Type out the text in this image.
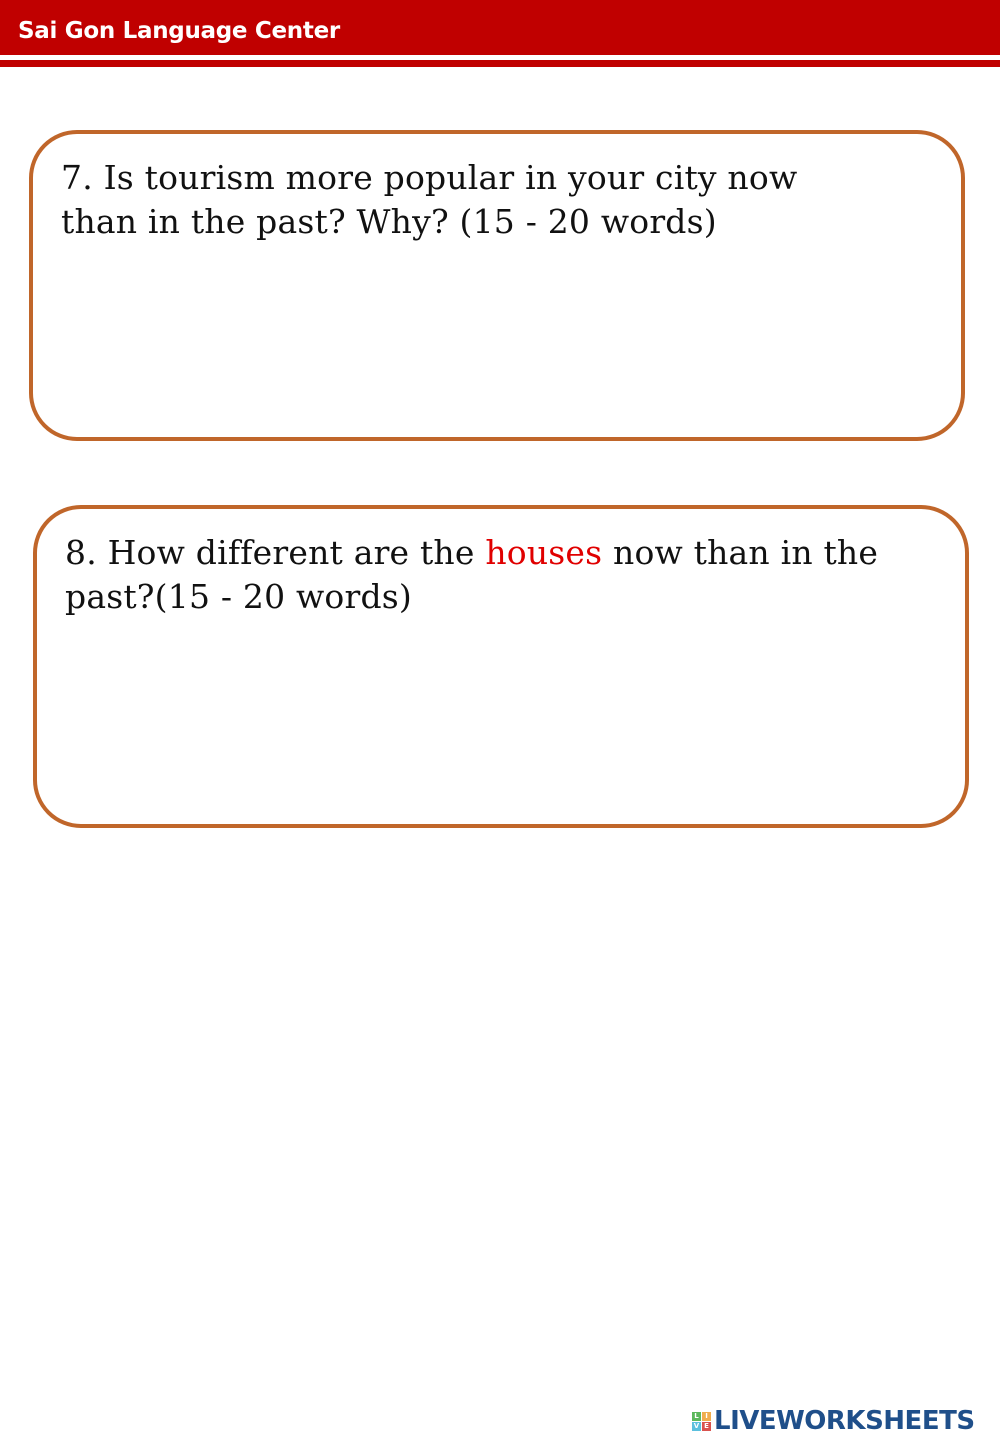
Sai Gon Language Center
7. Is tourism more popular in your city now
than in the past? Why? (15 - 20 words)
8. How different are the houses now than in the
past?(15 - 20 words)
L I
V E LIVEWORKSHEETS
